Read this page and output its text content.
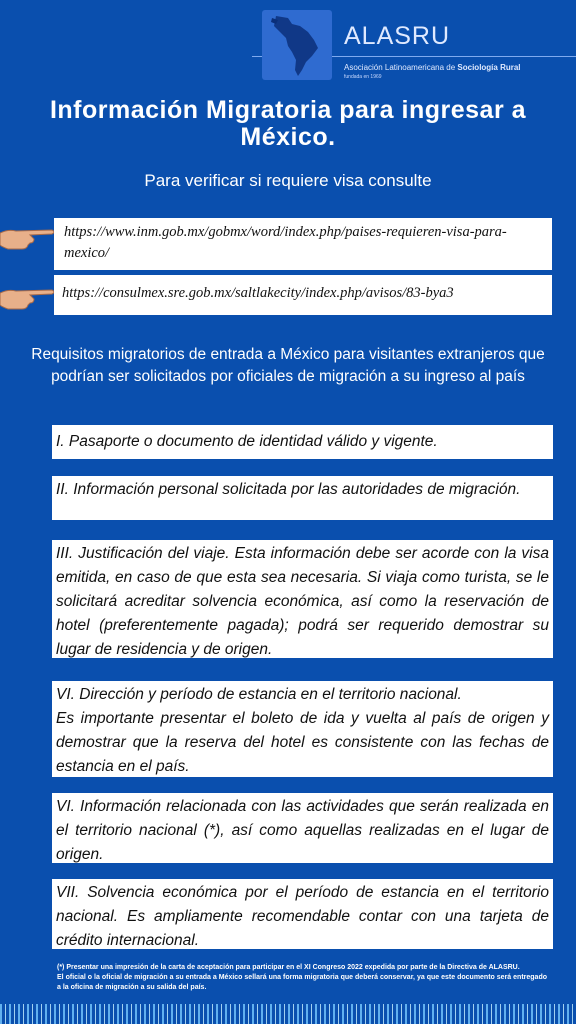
ALASRU
Asociación Latinoamericana de Sociología Rural
fundada en 1969
Información Migratoria para ingresar a México.
Para verificar si requiere visa consulte
https://www.inm.gob.mx/gobmx/word/index.php/paises-requieren-visa-para-mexico/
https://consulmex.sre.gob.mx/saltlakecity/index.php/avisos/83-bya3
Requisitos migratorios de entrada a México para visitantes extranjeros que podrían ser solicitados por oficiales de migración a su ingreso al país
I. Pasaporte o documento de identidad válido y vigente.
II. Información personal solicitada por las autoridades de migración.
III. Justificación del viaje. Esta información debe ser acorde con la visa emitida, en caso de que esta sea necesaria. Si viaja como turista, se le solicitará acreditar solvencia económica, así como la reservación de hotel (preferentemente pagada); podrá ser requerido demostrar su lugar de residencia y de origen.
VI. Dirección y período de estancia en el territorio nacional.
Es importante presentar el boleto de ida y vuelta al país de origen y demostrar que la reserva del hotel es consistente con las fechas de estancia en el país.
VI. Información relacionada con las actividades que serán realizada en el territorio nacional (*), así como aquellas realizadas en el lugar de origen.
VII. Solvencia económica por el período de estancia en el territorio nacional. Es ampliamente recomendable contar con una tarjeta de crédito internacional.
(*) Presentar una impresión de la carta de aceptación para participar en el XI Congreso 2022 expedida por parte de la Directiva de ALASRU.
El oficial o la oficial de migración a su entrada a México sellará una forma migratoria que deberá conservar, ya que este documento será entregado a la oficina de migración a su salida del país.
